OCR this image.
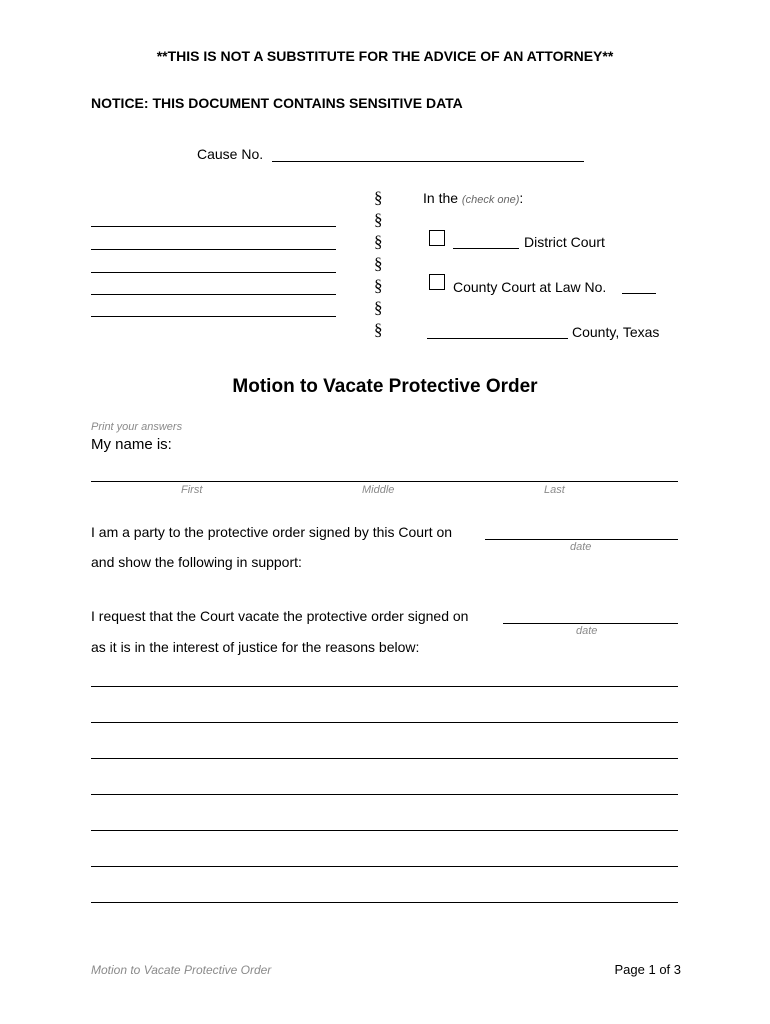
**THIS IS NOT A SUBSTITUTE FOR THE ADVICE OF AN ATTORNEY**
NOTICE: THIS DOCUMENT CONTAINS SENSITIVE DATA
Cause No.
§
§
§
§
§
§
§
In the (check one):
District Court
County Court at Law No.
County, Texas
Motion to Vacate Protective Order
Print your answers
My name is:
First	Middle	Last
I am a party to the protective order signed by this Court on
date
and show the following in support:
I request that the Court vacate the protective order signed on
date
as it is in the interest of justice for the reasons below:
Motion to Vacate Protective Order	Page 1 of 3
